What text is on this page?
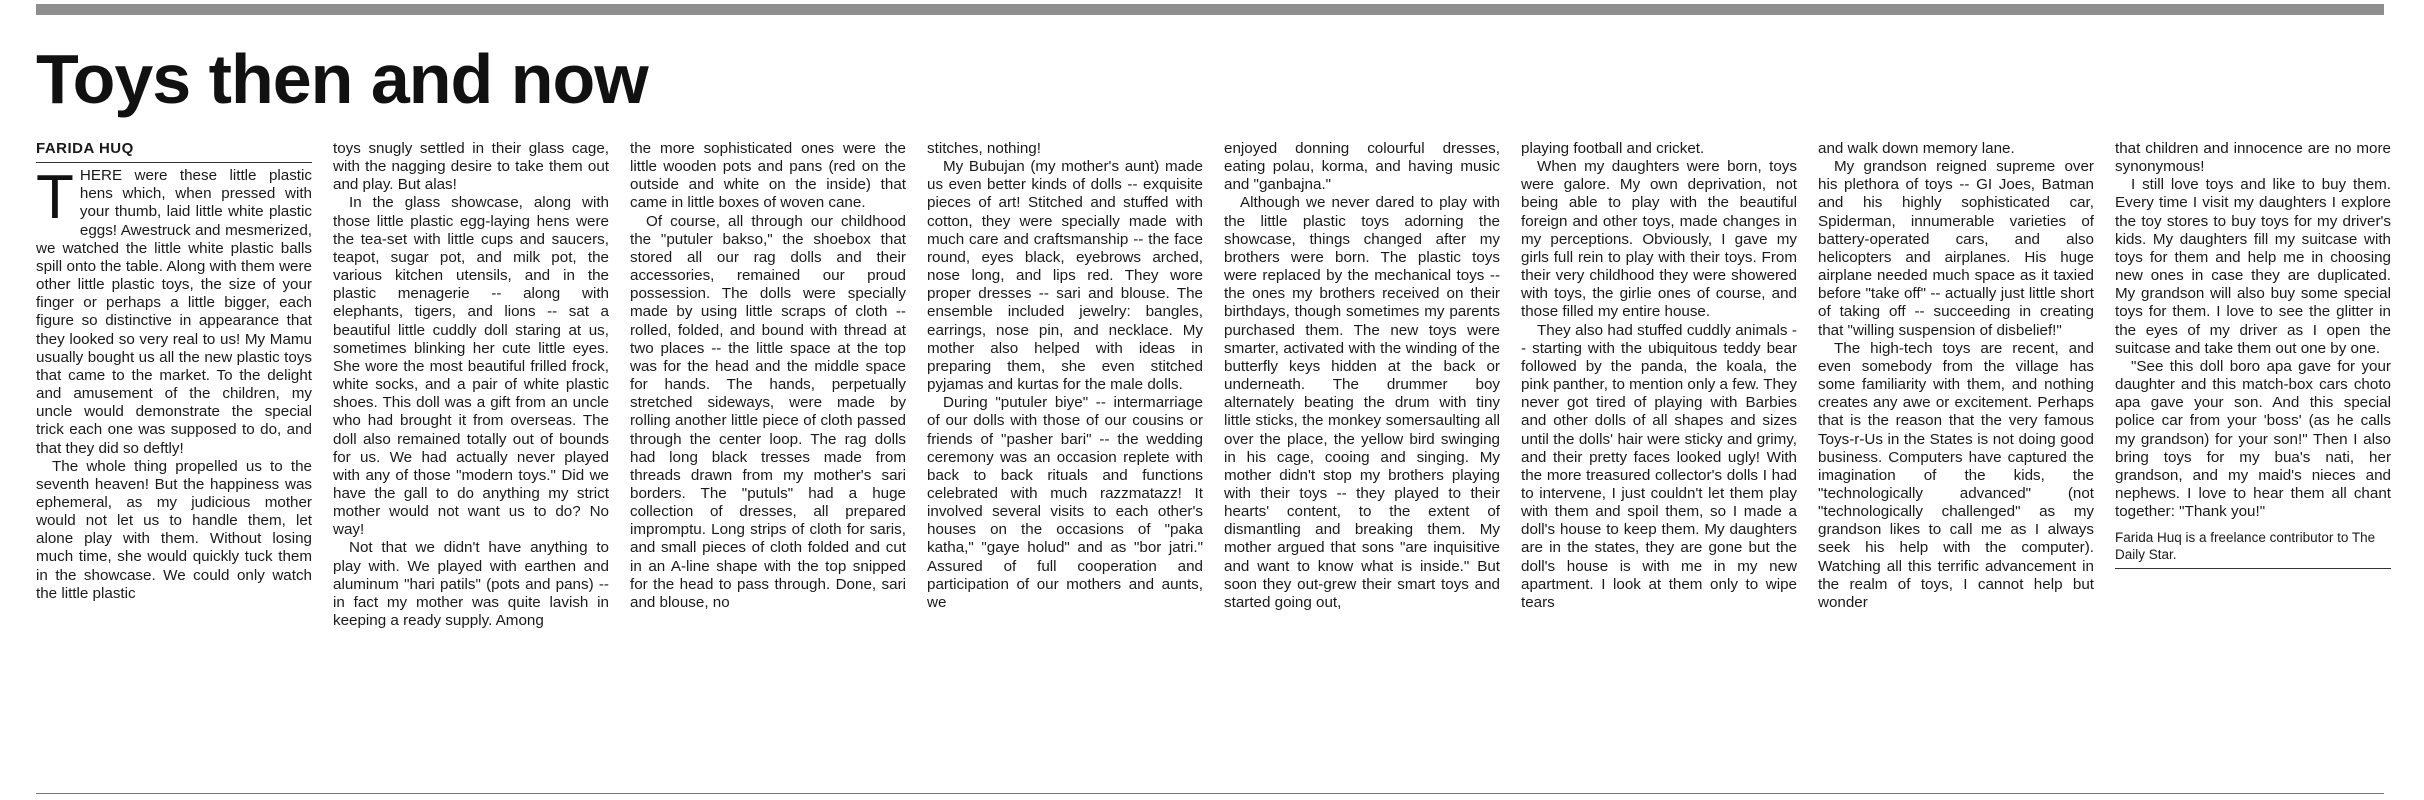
Toys then and now
FARIDA HUQ

THERE were these little plastic hens which, when pressed with your thumb, laid little white plastic eggs! Awestruck and mesmerized, we watched the little white plastic balls spill onto the table. Along with them were other little plastic toys, the size of your finger or perhaps a little bigger, each figure so distinctive in appearance that they looked so very real to us! My Mamu usually bought us all the new plastic toys that came to the market. To the delight and amusement of the children, my uncle would demonstrate the special trick each one was supposed to do, and that they did so deftly!

The whole thing propelled us to the seventh heaven! But the happiness was ephemeral, as my judicious mother would not let us to handle them, let alone play with them. Without losing much time, she would quickly tuck them in the showcase. We could only watch the little plastic

toys snugly settled in their glass cage, with the nagging desire to take them out and play. But alas!

In the glass showcase, along with those little plastic egg-laying hens were the tea-set with little cups and saucers, teapot, sugar pot, and milk pot, the various kitchen utensils, and in the plastic menagerie -- along with elephants, tigers, and lions -- sat a beautiful little cuddly doll staring at us, sometimes blinking her cute little eyes. She wore the most beautiful frilled frock, white socks, and a pair of white plastic shoes. This doll was a gift from an uncle who had brought it from overseas. The doll also remained totally out of bounds for us. We had actually never played with any of those "modern toys." Did we have the gall to do anything my strict mother would not want us to do? No way!

Not that we didn't have anything to play with. We played with earthen and aluminum "hari patils" (pots and pans) -- in fact my mother was quite lavish in keeping a ready supply. Among

the more sophisticated ones were the little wooden pots and pans (red on the outside and white on the inside) that came in little boxes of woven cane.

Of course, all through our childhood the "putuler bakso," the shoebox that stored all our rag dolls and their accessories, remained our proud possession. The dolls were specially made by using little scraps of cloth -- rolled, folded, and bound with thread at two places -- the little space at the top was for the head and the middle space for hands. The hands, perpetually stretched sideways, were made by rolling another little piece of cloth passed through the center loop. The rag dolls had long black tresses made from threads drawn from my mother's sari borders. The "putuls" had a huge collection of dresses, all prepared impromptu. Long strips of cloth for saris, and small pieces of cloth folded and cut in an A-line shape with the top snipped for the head to pass through. Done, sari and blouse, no

stitches, nothing!

My Bubujan (my mother's aunt) made us even better kinds of dolls -- exquisite pieces of art! Stitched and stuffed with cotton, they were specially made with much care and craftsmanship -- the face round, eyes black, eyebrows arched, nose long, and lips red. They wore proper dresses -- sari and blouse. The ensemble included jewelry: bangles, earrings, nose pin, and necklace. My mother also helped with ideas in preparing them, she even stitched pyjamas and kurtas for the male dolls.

During "putuler biye" -- intermarriage of our dolls with those of our cousins or friends of "pasher bari" -- the wedding ceremony was an occasion replete with back to back rituals and functions celebrated with much razzmatazz! It involved several visits to each other's houses on the occasions of "paka katha," "gaye holud" and as "bor jatri." Assured of full cooperation and participation of our mothers and aunts, we

enjoyed donning colourful dresses, eating polau, korma, and having music and "ganbajna."

Although we never dared to play with the little plastic toys adorning the showcase, things changed after my brothers were born. The plastic toys were replaced by the mechanical toys -- the ones my brothers received on their birthdays, though sometimes my parents purchased them. The new toys were smarter, activated with the winding of the butterfly keys hidden at the back or underneath. The drummer boy alternately beating the drum with tiny little sticks, the monkey somersaulting all over the place, the yellow bird swinging in his cage, cooing and singing. My mother didn't stop my brothers playing with their toys -- they played to their hearts' content, to the extent of dismantling and breaking them. My mother argued that sons "are inquisitive and want to know what is inside." But soon they out-grew their smart toys and started going out,

playing football and cricket.

When my daughters were born, toys were galore. My own deprivation, not being able to play with the beautiful foreign and other toys, made changes in my perceptions. Obviously, I gave my girls full rein to play with their toys. From their very childhood they were showered with toys, the girlie ones of course, and those filled my entire house.

They also had stuffed cuddly animals -- starting with the ubiquitous teddy bear followed by the panda, the koala, the pink panther, to mention only a few. They never got tired of playing with Barbies and other dolls of all shapes and sizes until the dolls' hair were sticky and grimy, and their pretty faces looked ugly! With the more treasured collector's dolls I had to intervene, I just couldn't let them play with them and spoil them, so I made a doll's house to keep them. My daughters are in the states, they are gone but the doll's house is with me in my new apartment. I look at them only to wipe tears

and walk down memory lane.

My grandson reigned supreme over his plethora of toys -- GI Joes, Batman and his highly sophisticated car, Spiderman, innumerable varieties of battery-operated cars, and also helicopters and airplanes. His huge airplane needed much space as it taxied before "take off" -- actually just little short of taking off -- succeeding in creating that "willing suspension of disbelief!"

The high-tech toys are recent, and even somebody from the village has some familiarity with them, and nothing creates any awe or excitement. Perhaps that is the reason that the very famous Toys-r-Us in the States is not doing good business. Computers have captured the imagination of the kids, the "technologically advanced" (not "technologically challenged" as my grandson likes to call me as I always seek his help with the computer). Watching all this terrific advancement in the realm of toys, I cannot help but wonder

that children and innocence are no more synonymous!

I still love toys and like to buy them. Every time I visit my daughters I explore the toy stores to buy toys for my driver's kids. My daughters fill my suitcase with toys for them and help me in choosing new ones in case they are duplicated. My grandson will also buy some special toys for them. I love to see the glitter in the eyes of my driver as I open the suitcase and take them out one by one.

"See this doll boro apa gave for your daughter and this match-box cars choto apa gave your son. And this special police car from your 'boss' (as he calls my grandson) for your son!" Then I also bring toys for my bua's nati, her grandson, and my maid's nieces and nephews. I love to hear them all chant together: "Thank you!"

Farida Huq is a freelance contributor to The Daily Star.
